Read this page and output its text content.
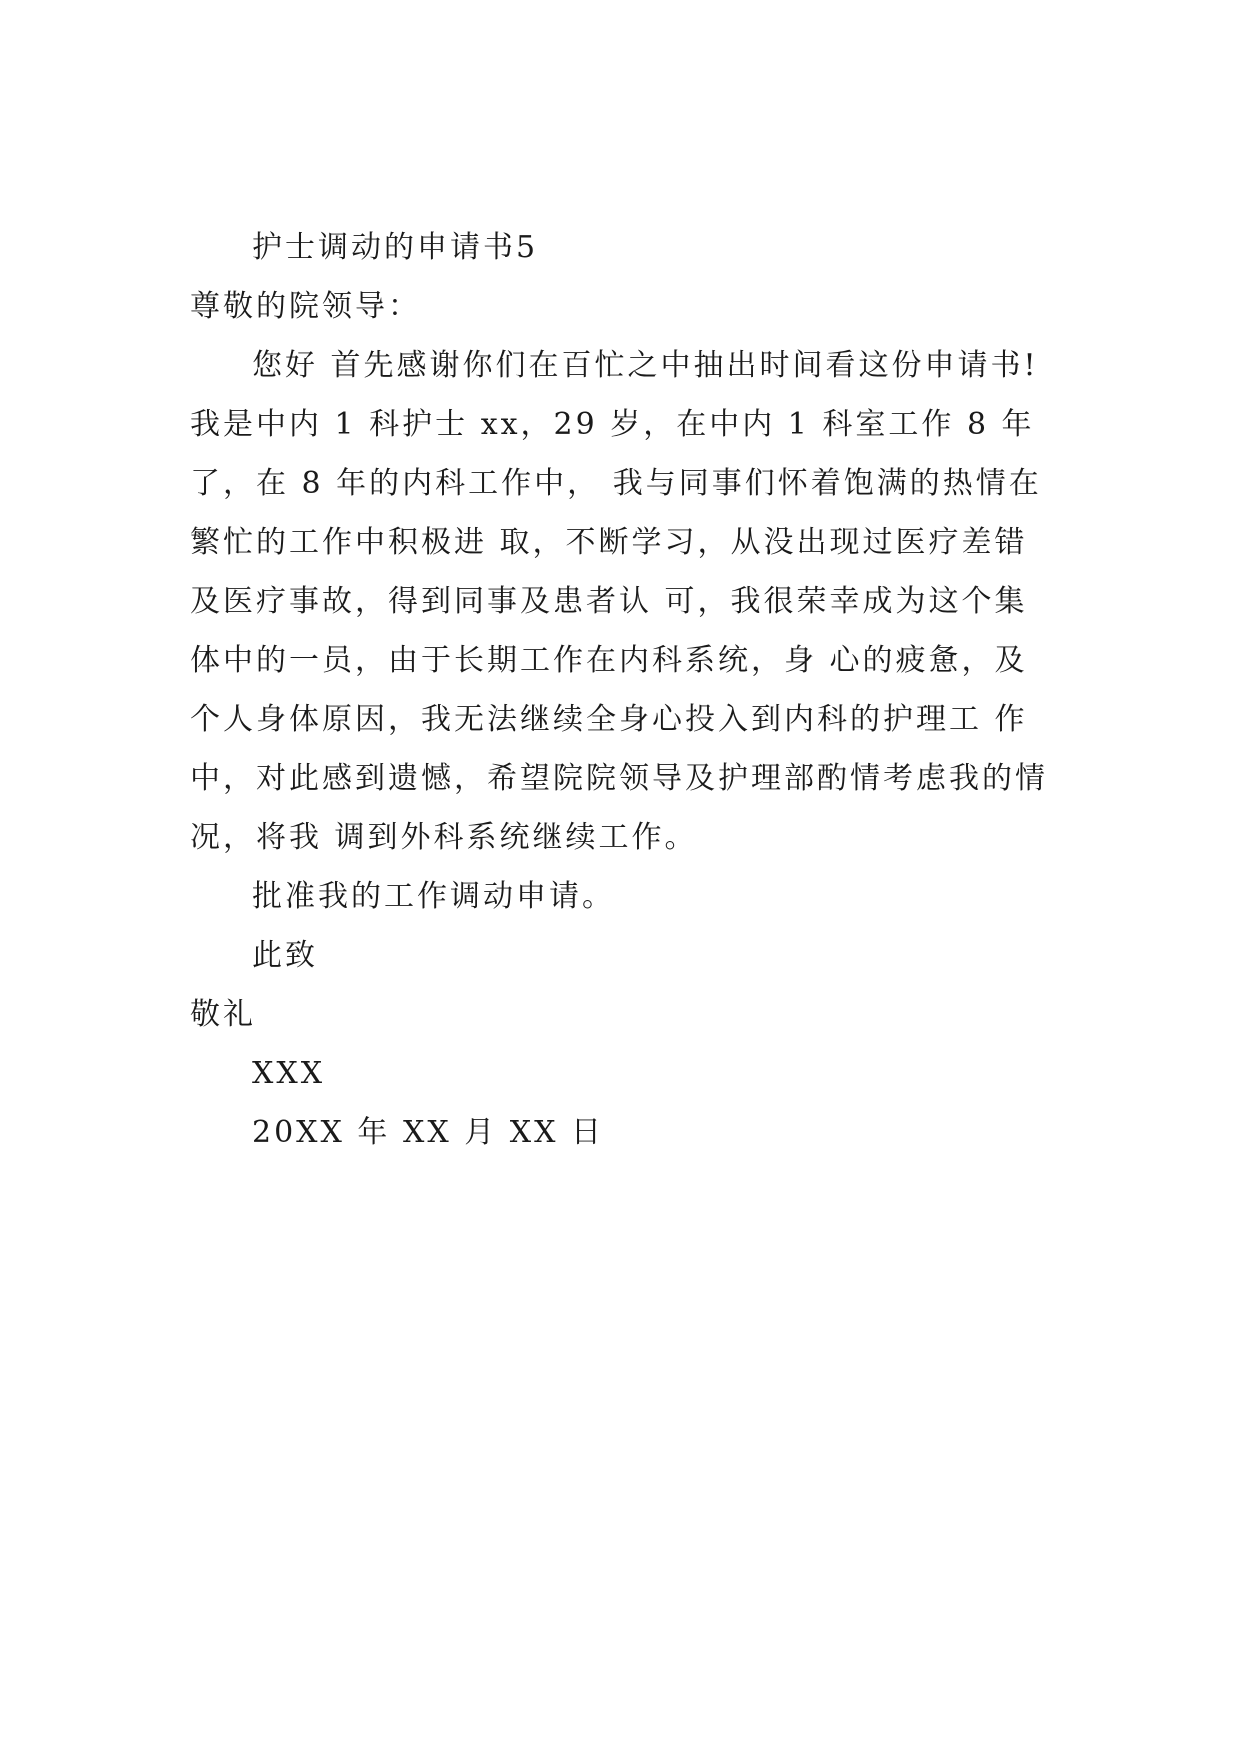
护士调动的申请书5

尊敬的院领导：

您好 首先感谢你们在百忙之中抽出时间看这份申请书!

我是中内 1 科护士 xx，29 岁，在中内 1 科室工作 8 年

了，在 8 年的内科工作中， 我与同事们怀着饱满的热情在

繁忙的工作中积极进 取，不断学习，从没出现过医疗差错

及医疗事故，得到同事及患者认 可，我很荣幸成为这个集

体中的一员，由于长期工作在内科系统，身 心的疲惫，及

个人身体原因，我无法继续全身心投入到内科的护理工 作

中，对此感到遗憾，希望院院领导及护理部酌情考虑我的情

况，将我 调到外科系统继续工作。

批准我的工作调动申请。

此致

敬礼

XXX

20XX 年 XX 月 XX 日
